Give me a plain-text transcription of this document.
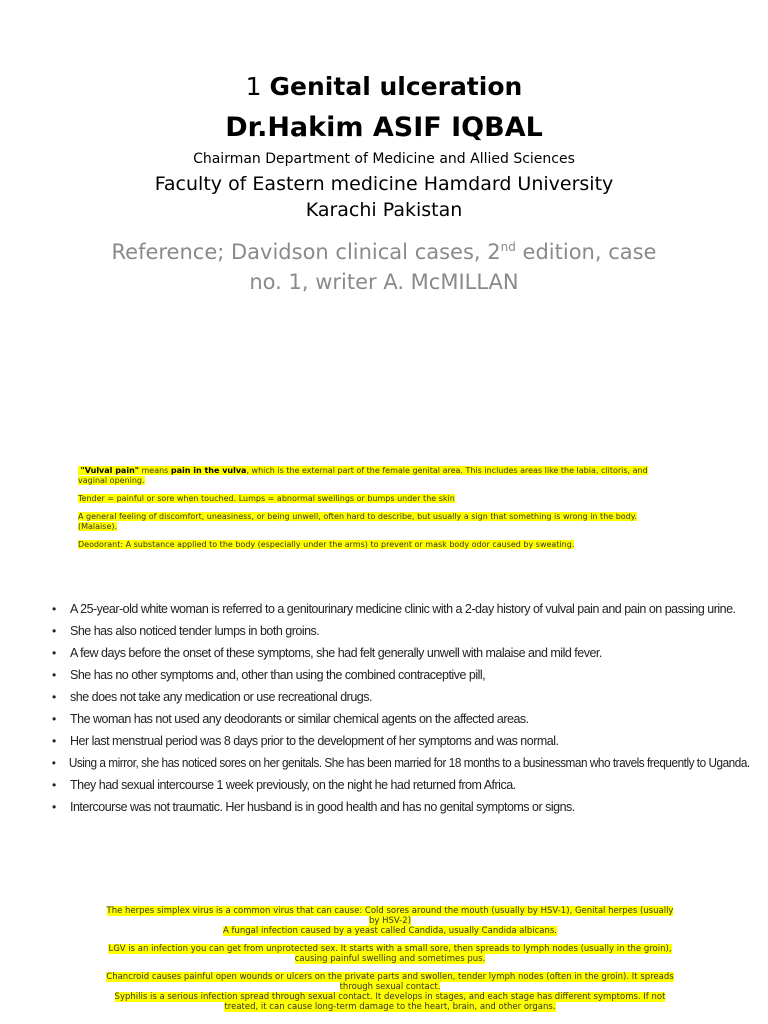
1 Genital ulceration
Dr.Hakim ASIF IQBAL
Chairman Department of Medicine and Allied Sciences
Faculty of Eastern medicine Hamdard University
Karachi Pakistan
Reference; Davidson clinical cases, 2nd edition, case
no. 1, writer A. McMILLAN

"Vulval pain" means pain in the vulva, which is the external part of the female genital area. This includes areas like the labia, clitoris, and vaginal opening.

Tender = painful or sore when touched. Lumps = abnormal swellings or bumps under the skin

A general feeling of discomfort, uneasiness, or being unwell, often hard to describe, but usually a sign that something is wrong in the body. (Malaise).

Deodorant: A substance applied to the body (especially under the arms) to prevent or mask body odor caused by sweating.

• A 25-year-old white woman is referred to a genitourinary medicine clinic with a 2-day history of vulval pain and pain on passing urine.
• She has also noticed tender lumps in both groins.
• A few days before the onset of these symptoms, she had felt generally unwell with malaise and mild fever.
• She has no other symptoms and, other than using the combined contraceptive pill,
• she does not take any medication or use recreational drugs.
• The woman has not used any deodorants or similar chemical agents on the affected areas.
• Her last menstrual period was 8 days prior to the development of her symptoms and was normal.
• Using a mirror, she has noticed sores on her genitals. She has been married for 18 months to a businessman who travels frequently to Uganda.
• They had sexual intercourse 1 week previously, on the night he had returned from Africa.
• Intercourse was not traumatic. Her husband is in good health and has no genital symptoms or signs.

The herpes simplex virus is a common virus that can cause: Cold sores around the mouth (usually by HSV-1), Genital herpes (usually by HSV-2)
A fungal infection caused by a yeast called Candida, usually Candida albicans.

LGV is an infection you can get from unprotected sex. It starts with a small sore, then spreads to lymph nodes (usually in the groin), causing painful swelling and sometimes pus.

Chancroid causes painful open wounds or ulcers on the private parts and swollen, tender lymph nodes (often in the groin). It spreads through sexual contact.
Syphilis is a serious infection spread through sexual contact. It develops in stages, and each stage has different symptoms. If not treated, it can cause long-term damage to the heart, brain, and other organs.
